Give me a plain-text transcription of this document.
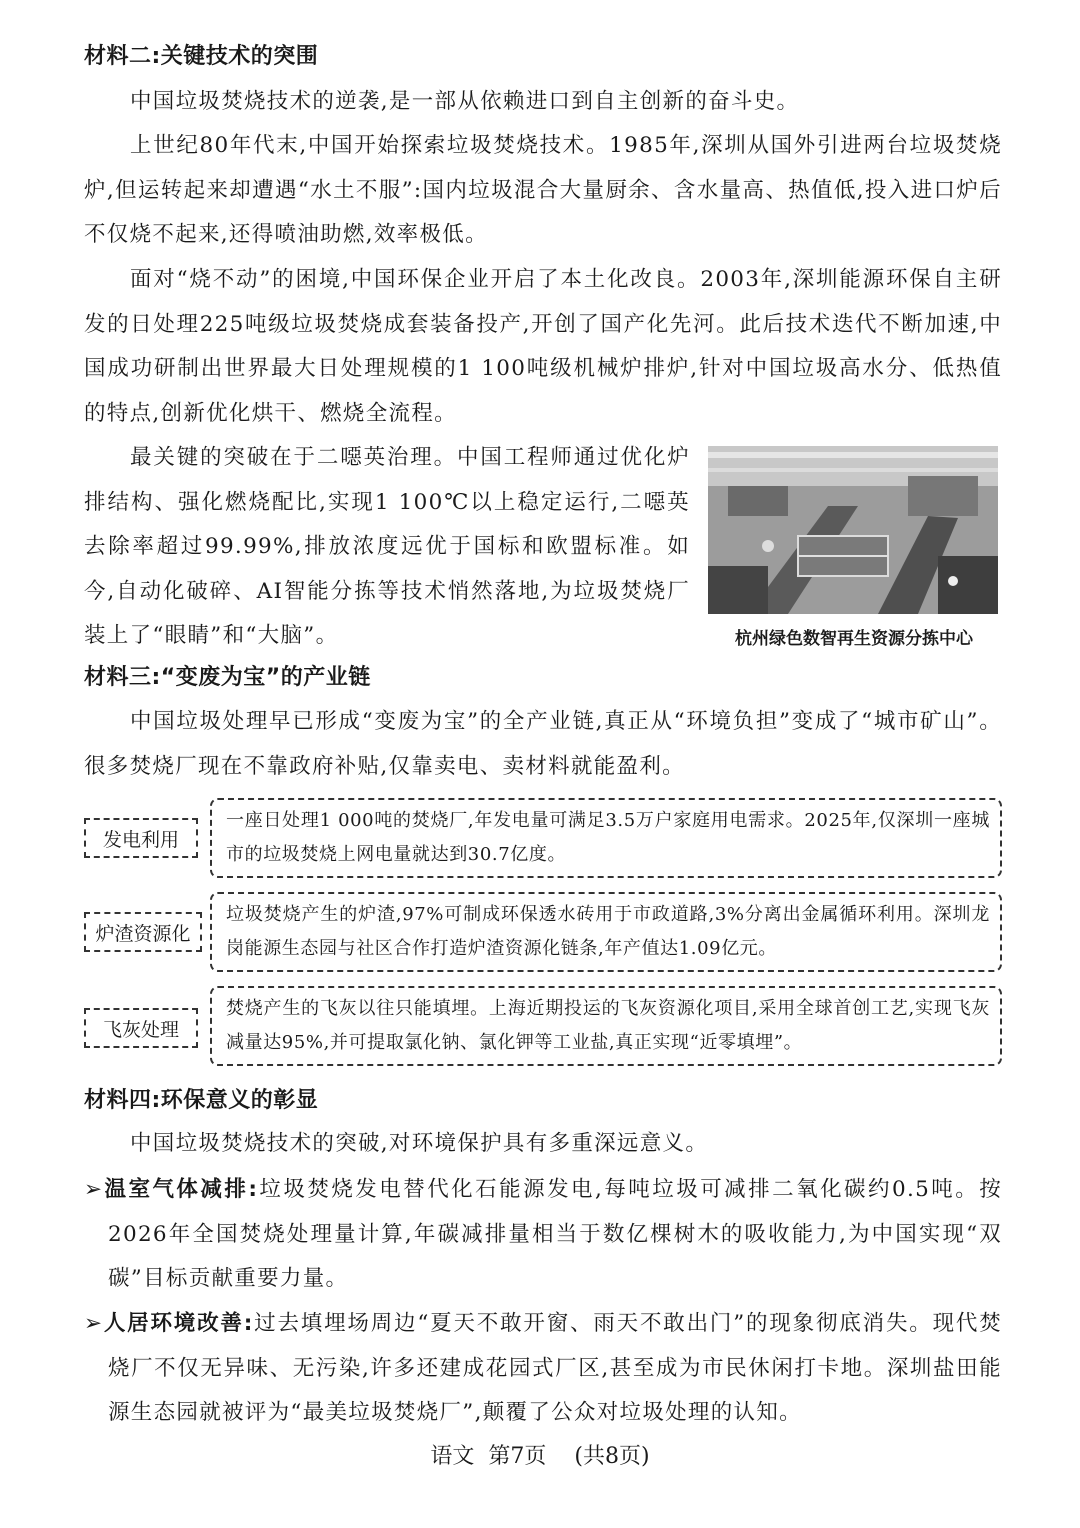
材料二:关键技术的突围

中国垃圾焚烧技术的逆袭,是一部从依赖进口到自主创新的奋斗史。

上世纪80年代末,中国开始探索垃圾焚烧技术。1985年,深圳从国外引进两台垃圾焚烧炉,但运转起来却遭遇“水土不服”:国内垃圾混合大量厨余、含水量高、热值低,投入进口炉后不仅烧不起来,还得喷油助燃,效率极低。

面对“烧不动”的困境,中国环保企业开启了本土化改良。2003年,深圳能源环保自主研发的日处理225吨级垃圾焚烧成套装备投产,开创了国产化先河。此后技术迭代不断加速,中国成功研制出世界最大日处理规模的1 100吨级机械炉排炉,针对中国垃圾高水分、低热值的特点,创新优化烘干、燃烧全流程。

最关键的突破在于二噁英治理。中国工程师通过优化炉排结构、强化燃烧配比,实现1 100℃以上稳定运行,二噁英去除率超过99.99%,排放浓度远优于国标和欧盟标准。如今,自动化破碎、AI智能分拣等技术悄然落地,为垃圾焚烧厂装上了“眼睛”和“大脑”。	杭州绿色数智再生资源分拣中心
材料三:“变废为宝”的产业链

中国垃圾处理早已形成“变废为宝”的全产业链,真正从“环境负担”变成了“城市矿山”。很多焚烧厂现在不靠政府补贴,仅靠卖电、卖材料就能盈利。

发电利用
一座日处理1 000吨的焚烧厂,年发电量可满足3.5万户家庭用电需求。2025年,仅深圳一座城市的垃圾焚烧上网电量就达到30.7亿度。
炉渣资源化
垃圾焚烧产生的炉渣,97%可制成环保透水砖用于市政道路,3%分离出金属循环利用。深圳龙岗能源生态园与社区合作打造炉渣资源化链条,年产值达1.09亿元。
飞灰处理
焚烧产生的飞灰以往只能填埋。上海近期投运的飞灰资源化项目,采用全球首创工艺,实现飞灰减量达95%,并可提取氯化钠、氯化钾等工业盐,真正实现“近零填埋”。
材料四:环保意义的彰显

中国垃圾焚烧技术的突破,对环境保护具有多重深远意义。

➢温室气体减排:垃圾焚烧发电替代化石能源发电,每吨垃圾可减排二氧化碳约0.5吨。按2026年全国焚烧处理量计算,年碳减排量相当于数亿棵树木的吸收能力,为中国实现“双碳”目标贡献重要力量。

➢人居环境改善:过去填埋场周边“夏天不敢开窗、雨天不敢出门”的现象彻底消失。现代焚烧厂不仅无异味、无污染,许多还建成花园式厂区,甚至成为市民休闲打卡地。深圳盐田能源生态园就被评为“最美垃圾焚烧厂”,颠覆了公众对垃圾处理的认知。

语文 第7页 (共8页)
